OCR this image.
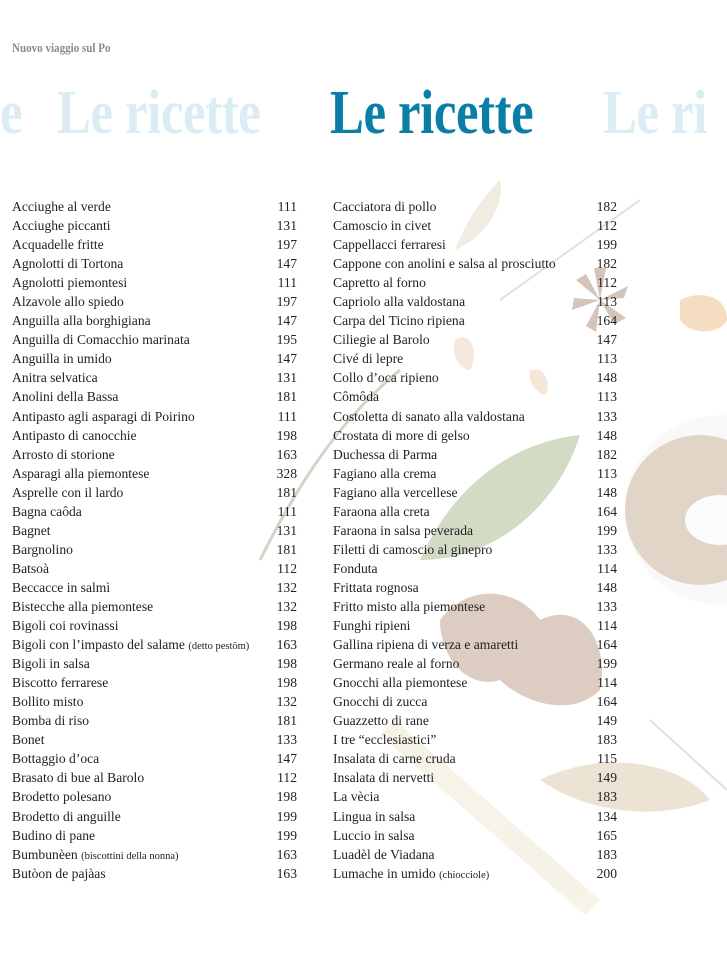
Nuovo viaggio sul Po
Le ricette
e	Le ricette Le ri
Acciughe al verde	111
Acciughe piccanti	131
Acquadelle fritte	197
Agnolotti di Tortona	147
Agnolotti piemontesi	111
Alzavole allo spiedo	197
Anguilla alla borghigiana	147
Anguilla di Comacchio marinata	195
Anguilla in umido	147
Anitra selvatica	131
Anolini della Bassa	181
Antipasto agli asparagi di Poirino	111
Antipasto di canocchie	198
Arrosto di storione	163
Asparagi alla piemontese	328
Asprelle con il lardo	181
Bagna caôda	111
Bagnet	131
Bargnolino	181
Batsoà	112
Beccacce in salmì	132
Bistecche alla piemontese	132
Bigoli coi rovinassi	198
Bigoli con l’impasto del salame (detto pestöm) 163
Bigoli in salsa	198
Biscotto ferrarese	198
Bollito misto	132
Bomba di riso	181
Bonet	133
Bottaggio d’oca	147
Brasato di bue al Barolo	112
Brodetto polesano	198
Brodetto di anguille	199
Budino di pane	199
Bumbunèen (biscottini della nonna)	163
Butòon de pajàas	163
Cacciatora di pollo	182
Camoscio in civet	112
Cappellacci ferraresi	199
Cappone con anolini e salsa al prosciutto	182
Capretto al forno	112
Capriolo alla valdostana	113
Carpa del Ticino ripiena	164
Ciliegie al Barolo	147
Civé di lepre	113
Collo d’oca ripieno	148
Cômôda	113
Costoletta di sanato alla valdostana	133
Crostata di more di gelso	148
Duchessa di Parma	182
Fagiano alla crema	113
Fagiano alla vercellese	148
Faraona alla creta	164
Faraona in salsa peverada	199
Filetti di camoscio al ginepro	133
Fonduta	114
Frittata rognosa	148
Fritto misto alla piemontese	133
Funghi ripieni	114
Gallina ripiena di verza e amaretti	164
Germano reale al forno	199
Gnocchi alla piemontese	114
Gnocchi di zucca	164
Guazzetto di rane	149
I tre “ecclesiastici”	183
Insalata di carne cruda	115
Insalata di nervetti	149
La vècia	183
Lingua in salsa	134
Luccio in salsa	165
Luadèl de Viadana	183
Lumache in umido (chiocciole)	200
